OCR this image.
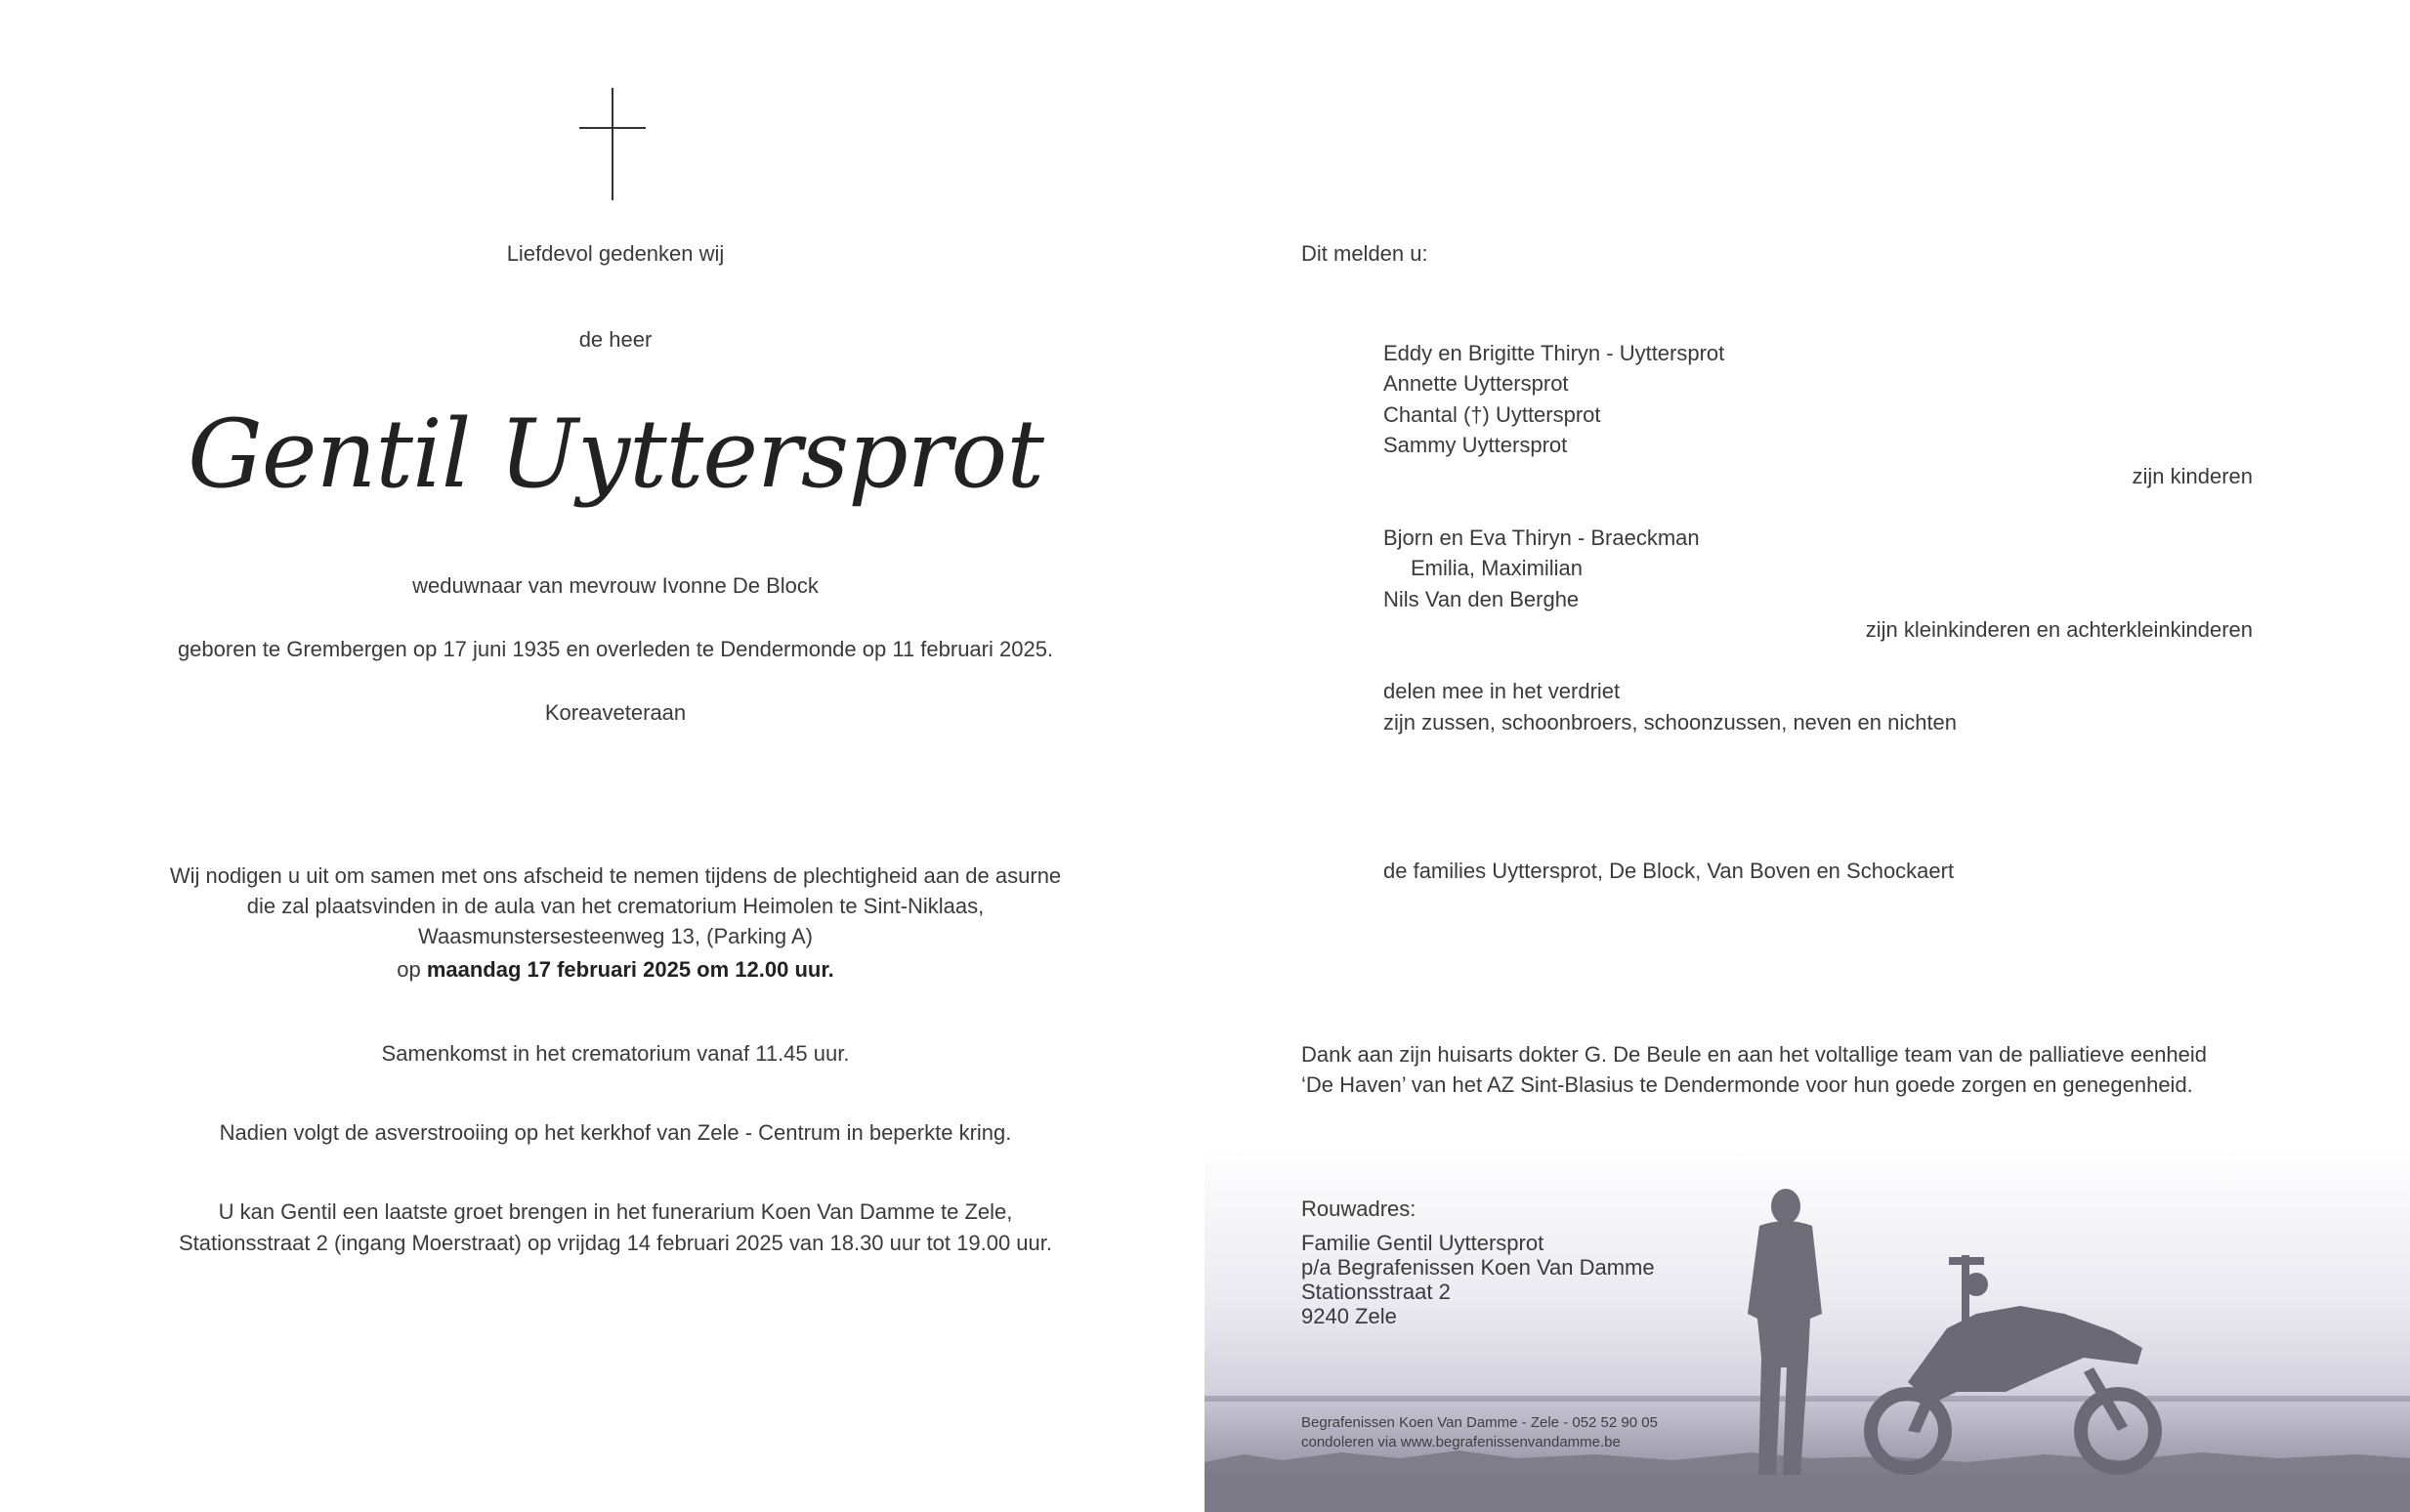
Liefdevol gedenken wij
de heer
Gentil Uyttersprot
weduwnaar van mevrouw Ivonne De Block
geboren te Grembergen op 17 juni 1935 en overleden te Dendermonde op 11 februari 2025.
Koreaveteraan
Wij nodigen u uit om samen met ons afscheid te nemen tijdens de plechtigheid aan de asurne
die zal plaatsvinden in de aula van het crematorium Heimolen te Sint-Niklaas,
Waasmunstersesteenweg 13, (Parking A)
op maandag 17 februari 2025 om 12.00 uur.
Samenkomst in het crematorium vanaf 11.45 uur.
Nadien volgt de asverstrooiing op het kerkhof van Zele - Centrum in beperkte kring.
U kan Gentil een laatste groet brengen in het funerarium Koen Van Damme te Zele,
Stationsstraat 2 (ingang Moerstraat) op vrijdag 14 februari 2025 van 18.30 uur tot 19.00 uur.
Dit melden u:
Eddy en Brigitte Thiryn - Uyttersprot
Annette Uyttersprot
Chantal (†) Uyttersprot
Sammy Uyttersprot
zijn kinderen
Bjorn en Eva Thiryn - Braeckman
Emilia, Maximilian
Nils Van den Berghe
zijn kleinkinderen en achterkleinkinderen
delen mee in het verdriet
zijn zussen, schoonbroers, schoonzussen, neven en nichten
de families Uyttersprot, De Block, Van Boven en Schockaert
Dank aan zijn huisarts dokter G. De Beule en aan het voltallige team van de palliatieve eenheid
‘De Haven’ van het AZ Sint-Blasius te Dendermonde voor hun goede zorgen en genegenheid.
Rouwadres:
Familie Gentil Uyttersprot
p/a Begrafenissen Koen Van Damme
Stationsstraat 2
9240 Zele
Begrafenissen Koen Van Damme - Zele - 052 52 90 05
condoleren via www.begrafenissenvandamme.be
